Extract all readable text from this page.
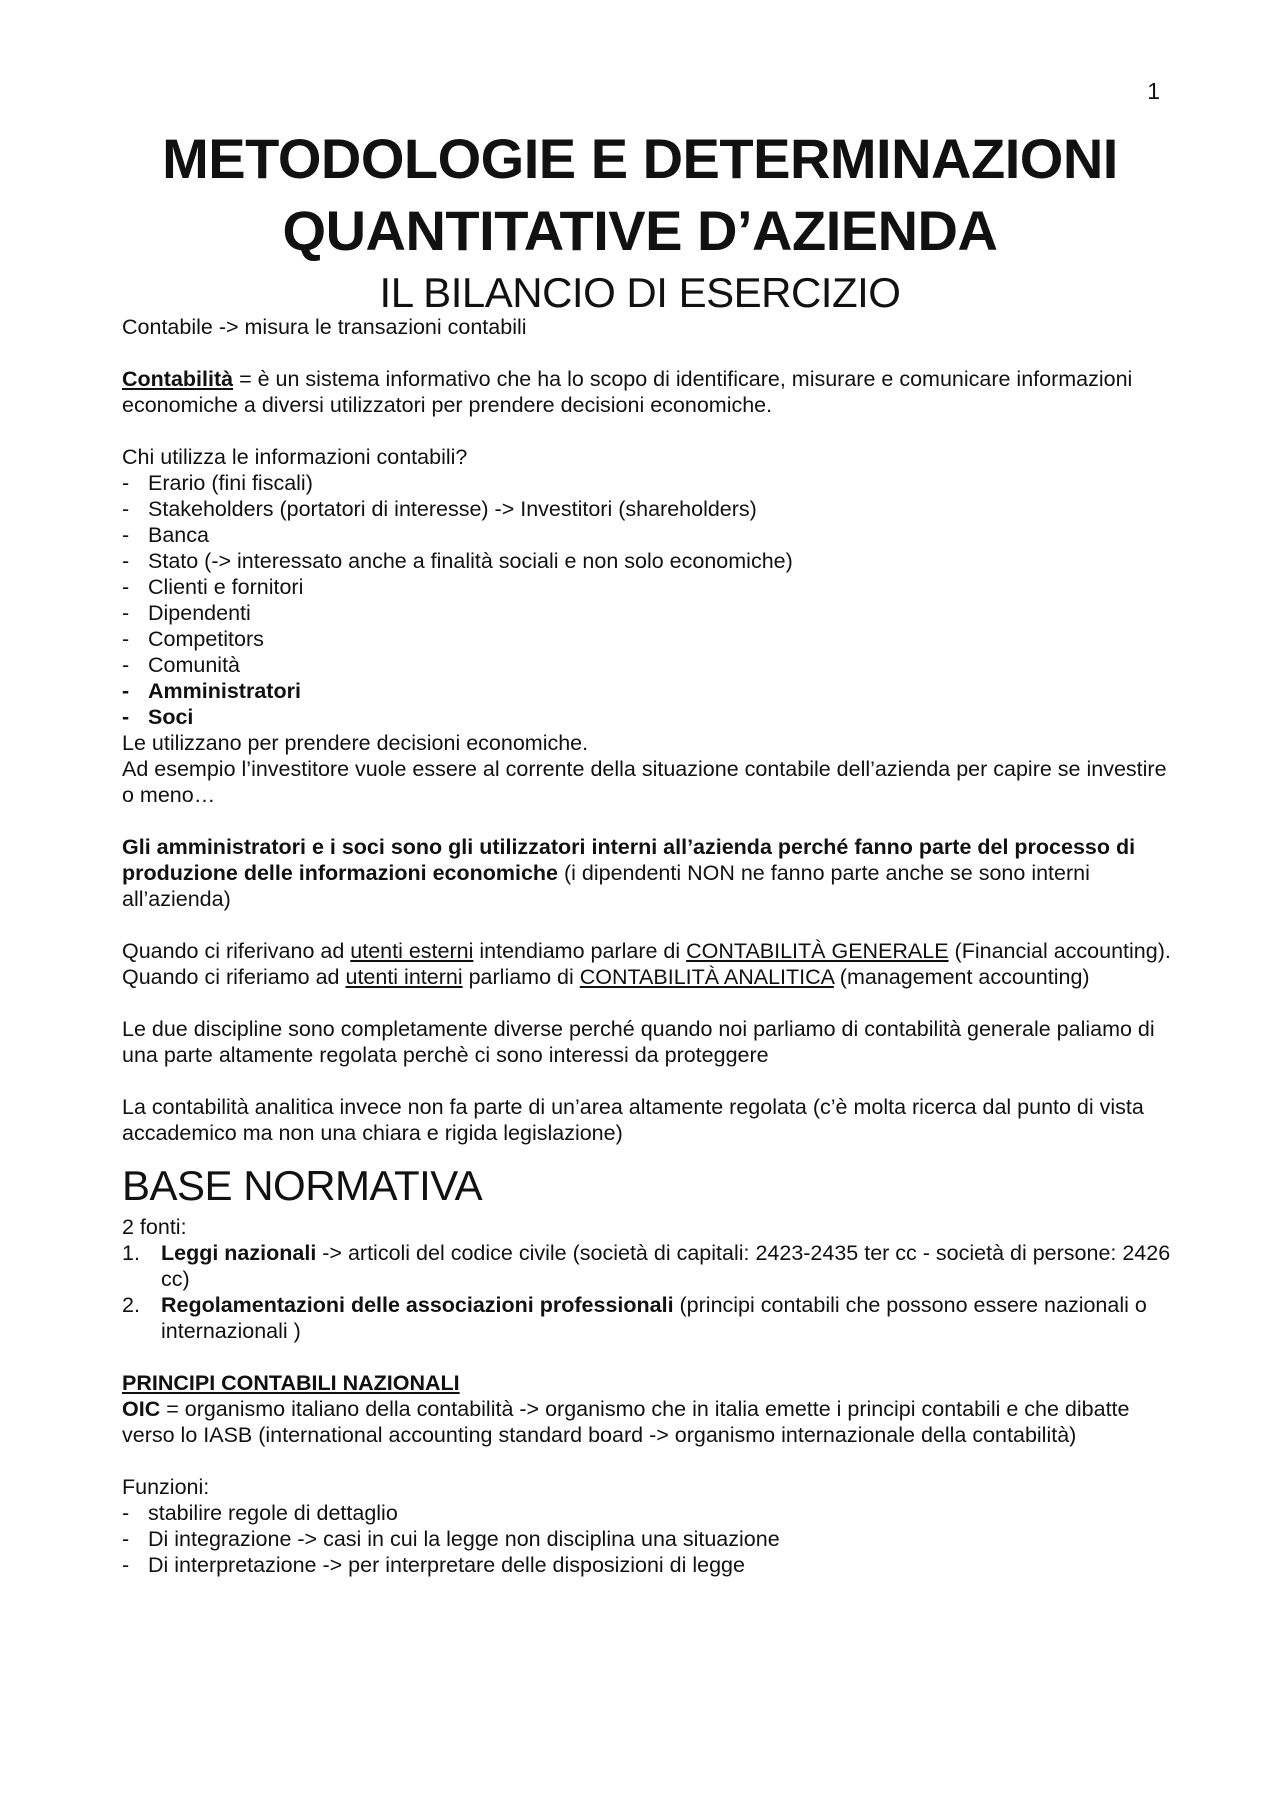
1
METODOLOGIE E DETERMINAZIONI
QUANTITATIVE D’AZIENDA
IL BILANCIO DI ESERCIZIO

Contabile -> misura le transazioni contabili

Contabilità = è un sistema informativo che ha lo scopo di identificare, misurare e comunicare informazioni economiche a diversi utilizzatori per prendere decisioni economiche.

Chi utilizza le informazioni contabili?

- Erario (fini fiscali)
- Stakeholders (portatori di interesse) -> Investitori (shareholders)
- Banca
- Stato (-> interessato anche a finalità sociali e non solo economiche)
- Clienti e fornitori
- Dipendenti
- Competitors
- Comunità
- Amministratori
- Soci

Le utilizzano per prendere decisioni economiche.

Ad esempio l’investitore vuole essere al corrente della situazione contabile dell’azienda per capire se investire o meno…

Gli amministratori e i soci sono gli utilizzatori interni all’azienda perché fanno parte del processo di produzione delle informazioni economiche (i dipendenti NON ne fanno parte anche se sono interni all’azienda)

Quando ci riferivano ad utenti esterni intendiamo parlare di CONTABILITÀ GENERALE (Financial accounting).

Quando ci riferiamo ad utenti interni parliamo di CONTABILITÀ ANALITICA (management accounting)

Le due discipline sono completamente diverse perché quando noi parliamo di contabilità generale paliamo di una parte altamente regolata perchè ci sono interessi da proteggere

La contabilità analitica invece non fa parte di un’area altamente regolata (c’è molta ricerca dal punto di vista accademico ma non una chiara e rigida legislazione)

BASE NORMATIVA

2 fonti:

1. Leggi nazionali -> articoli del codice civile (società di capitali: 2423-2435 ter cc - società di persone: 2426 cc)
2. Regolamentazioni delle associazioni professionali (principi contabili che possono essere nazionali o internazionali )

PRINCIPI CONTABILI NAZIONALI

OIC = organismo italiano della contabilità -> organismo che in italia emette i principi contabili e che dibatte verso lo IASB (international accounting standard board -> organismo internazionale della contabilità)

Funzioni:

- stabilire regole di dettaglio
- Di integrazione -> casi in cui la legge non disciplina una situazione
- Di interpretazione -> per interpretare delle disposizioni di legge
